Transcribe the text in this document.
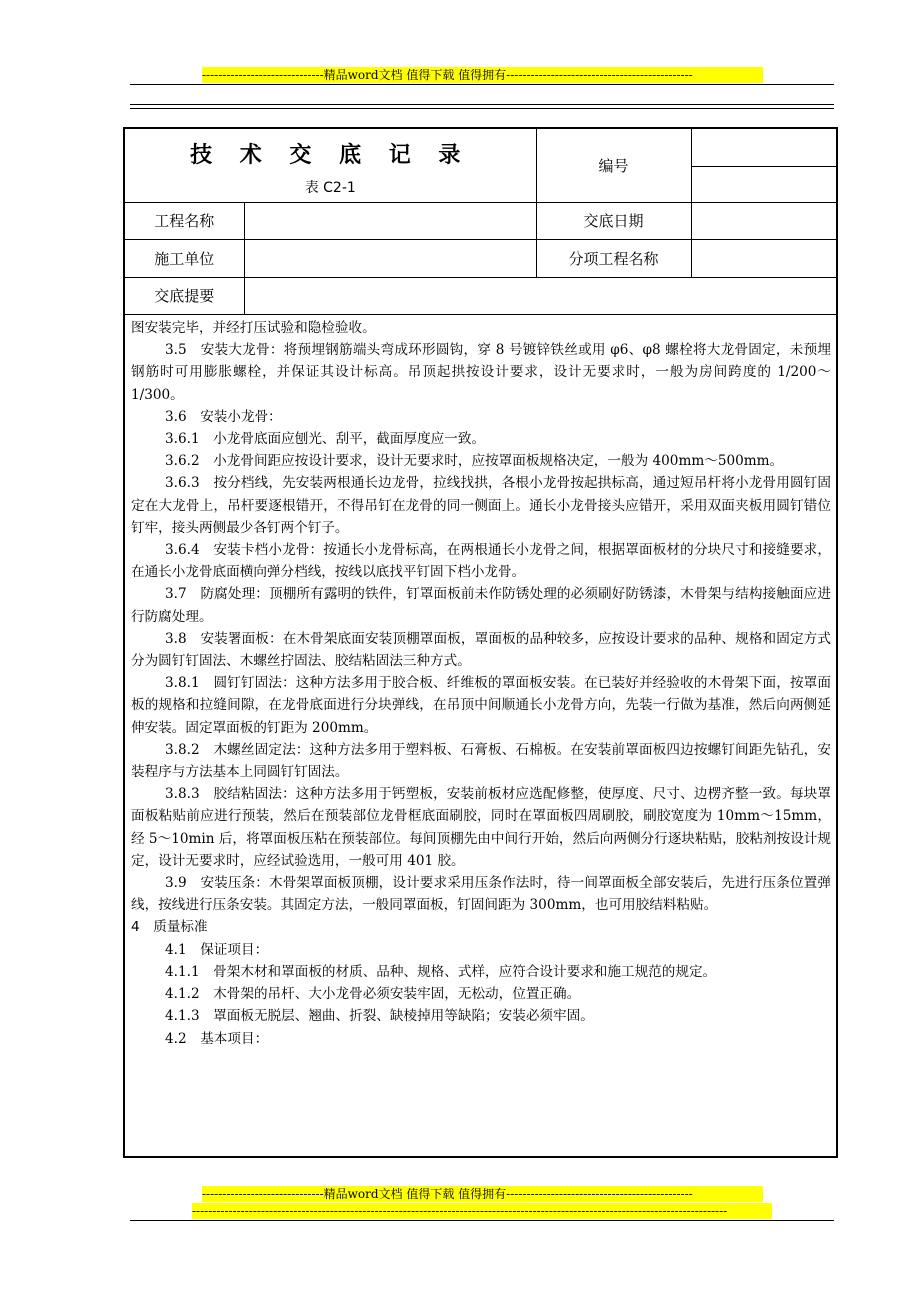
------------------------------精品word文档 值得下载 值得拥有----------------------------------------------
技 术 交 底 记 录
表 C2-1		编号	

工程名称		交底日期	
施工单位		分项工程名称	
交底提要			

图安装完毕，并经打压试验和隐检验收。

3.5　安装大龙骨：将预埋钢筋端头弯成环形圆钩，穿 8 号镀锌铁丝或用 φ6、φ8 螺栓将大龙骨固定，未预埋钢筋时可用膨胀螺栓，并保证其设计标高。吊顶起拱按设计要求，设计无要求时，一般为房间跨度的 1/200～1/300。

3.6　安装小龙骨：

3.6.1　小龙骨底面应刨光、刮平，截面厚度应一致。

3.6.2　小龙骨间距应按设计要求，设计无要求时，应按罩面板规格决定，一般为 400mm～500mm。

3.6.3　按分档线，先安装两根通长边龙骨，拉线找拱，各根小龙骨按起拱标高，通过短吊杆将小龙骨用圆钉固定在大龙骨上，吊杆要逐根错开，不得吊钉在龙骨的同一侧面上。通长小龙骨接头应错开，采用双面夹板用圆钉错位钉牢，接头两侧最少各钉两个钉子。

3.6.4　安装卡档小龙骨：按通长小龙骨标高，在两根通长小龙骨之间，根据罩面板材的分块尺寸和接缝要求，在通长小龙骨底面横向弹分档线，按线以底找平钉固下档小龙骨。

3.7　防腐处理：顶棚所有露明的铁件，钉罩面板前未作防锈处理的必须刷好防锈漆，木骨架与结构接触面应进行防腐处理。

3.8　安装署面板：在木骨架底面安装顶棚罩面板，罩面板的品种较多，应按设计要求的品种、规格和固定方式分为圆钉钉固法、木螺丝拧固法、胶结粘固法三种方式。

3.8.1　圆钉钉固法：这种方法多用于胶合板、纤维板的罩面板安装。在已装好并经验收的木骨架下面，按罩面板的规格和拉缝间隙，在龙骨底面进行分块弹线，在吊顶中间顺通长小龙骨方向，先装一行做为基准，然后向两侧延伸安装。固定罩面板的钉距为 200mm。

3.8.2　木螺丝固定法：这种方法多用于塑料板、石膏板、石棉板。在安装前罩面板四边按螺钉间距先钻孔，安装程序与方法基本上同圆钉钉固法。

3.8.3　胶结粘固法：这种方法多用于钙塑板，安装前板材应选配修整，使厚度、尺寸、边楞齐整一致。每块罩面板粘贴前应进行预装，然后在预装部位龙骨框底面刷胶，同时在罩面板四周刷胶，刷胶宽度为 10mm～15mm，经 5～10min 后，将罩面板压粘在预装部位。每间顶棚先由中间行开始，然后向两侧分行逐块粘贴，胶粘剂按设计规定，设计无要求时，应经试验选用，一般可用 401 胶。

3.9　安装压条：木骨架罩面板顶棚，设计要求采用压条作法时，待一间罩面板全部安装后，先进行压条位置弹线，按线进行压条安装。其固定方法，一般同罩面板，钉固间距为 300mm，也可用胶结料粘贴。

4　质量标准

4.1　保证项目：

4.1.1　骨架木材和罩面板的材质、品种、规格、式样，应符合设计要求和施工规范的规定。

4.1.2　木骨架的吊杆、大小龙骨必须安装牢固，无松动，位置正确。

4.1.3　罩面板无脱层、翘曲、折裂、缺棱掉用等缺陷；安装必须牢固。

4.2　基本项目：

------------------------------精品word文档 值得下载 值得拥有----------------------------------------------
------------------------------------------------------------------------------------------------------------------------------------
